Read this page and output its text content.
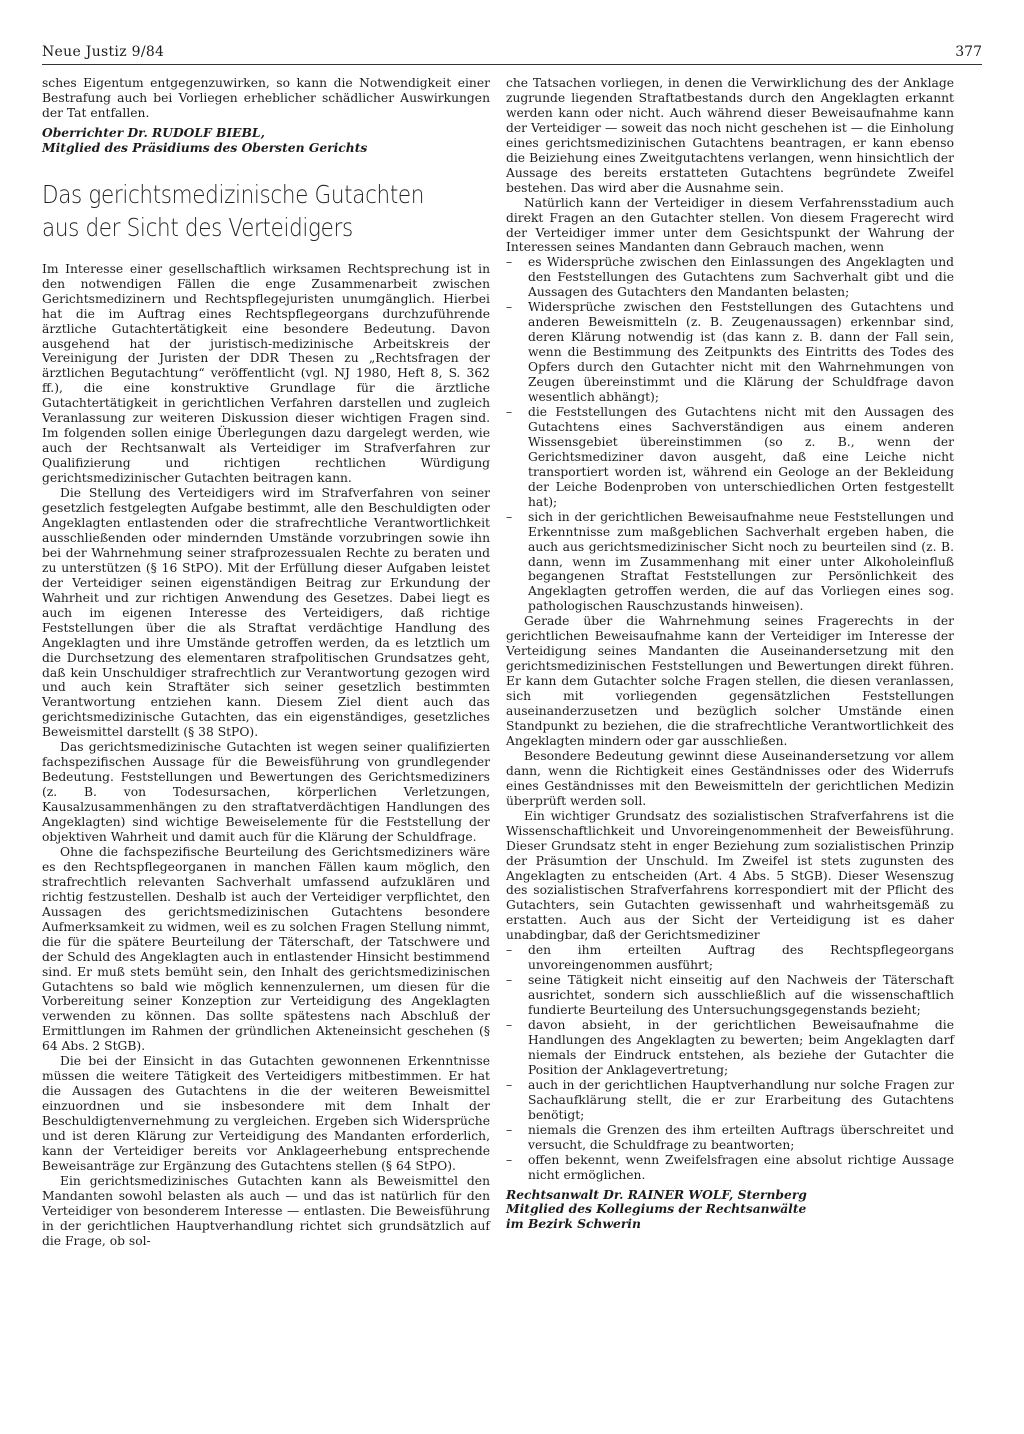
Neue Justiz 9/84	377

sches Eigentum entgegenzuwirken, so kann die Notwendigkeit einer Bestrafung auch bei Vorliegen erheblicher schädlicher Auswirkungen der Tat entfallen.

Oberrichter Dr. RUDOLF BIEBL,

Mitglied des Präsidiums des Obersten Gerichts

Das gerichtsmedizinische Gutachten
aus der Sicht des Verteidigers

Im Interesse einer gesellschaftlich wirksamen Rechtsprechung ist in den notwendigen Fällen die enge Zusammenarbeit zwischen Gerichtsmedizinern und Rechtspflegejuristen unumgänglich. Hierbei hat die im Auftrag eines Rechtspflegeorgans durchzuführende ärztliche Gutachtertätigkeit eine besondere Bedeutung. Davon ausgehend hat der juristisch-medizinische Arbeitskreis der Vereinigung der Juristen der DDR Thesen zu „Rechtsfragen der ärztlichen Begutachtung“ veröffentlicht (vgl. NJ 1980, Heft 8, S. 362 ff.), die eine konstruktive Grundlage für die ärztliche Gutachtertätigkeit in gerichtlichen Verfahren darstellen und zugleich Veranlassung zur weiteren Diskussion dieser wichtigen Fragen sind. Im folgenden sollen einige Überlegungen dazu dargelegt werden, wie auch der Rechtsanwalt als Verteidiger im Strafverfahren zur Qualifizierung und richtigen rechtlichen Würdigung gerichtsmedizinischer Gutachten beitragen kann.

Die Stellung des Verteidigers wird im Strafverfahren von seiner gesetzlich festgelegten Aufgabe bestimmt, alle den Beschuldigten oder Angeklagten entlastenden oder die strafrechtliche Verantwortlichkeit ausschließenden oder mindernden Umstände vorzubringen sowie ihn bei der Wahrnehmung seiner strafprozessualen Rechte zu beraten und zu unterstützen (§ 16 StPO). Mit der Erfüllung dieser Aufgaben leistet der Verteidiger seinen eigenständigen Beitrag zur Erkundung der Wahrheit und zur richtigen Anwendung des Gesetzes. Dabei liegt es auch im eigenen Interesse des Verteidigers, daß richtige Feststellungen über die als Straftat verdächtige Handlung des Angeklagten und ihre Umstände getroffen werden, da es letztlich um die Durchsetzung des elementaren strafpolitischen Grundsatzes geht, daß kein Unschuldiger strafrechtlich zur Verantwortung gezogen wird und auch kein Straftäter sich seiner gesetzlich bestimmten Verantwortung entziehen kann. Diesem Ziel dient auch das gerichtsmedizinische Gutachten, das ein eigenständiges, gesetzliches Beweismittel darstellt (§ 38 StPO).

Das gerichtsmedizinische Gutachten ist wegen seiner qualifizierten fachspezifischen Aussage für die Beweisführung von grundlegender Bedeutung. Feststellungen und Bewertungen des Gerichtsmediziners (z. B. von Todesursachen, körperlichen Verletzungen, Kausalzusammenhängen zu den straftatverdächtigen Handlungen des Angeklagten) sind wichtige Beweiselemente für die Feststellung der objektiven Wahrheit und damit auch für die Klärung der Schuldfrage.

Ohne die fachspezifische Beurteilung des Gerichtsmediziners wäre es den Rechtspflegeorganen in manchen Fällen kaum möglich, den strafrechtlich relevanten Sachverhalt umfassend aufzuklären und richtig festzustellen. Deshalb ist auch der Verteidiger verpflichtet, den Aussagen des gerichtsmedizinischen Gutachtens besondere Aufmerksamkeit zu widmen, weil es zu solchen Fragen Stellung nimmt, die für die spätere Beurteilung der Täterschaft, der Tatschwere und der Schuld des Angeklagten auch in entlastender Hinsicht bestimmend sind. Er muß stets bemüht sein, den Inhalt des gerichtsmedizinischen Gutachtens so bald wie möglich kennenzulernen, um diesen für die Vorbereitung seiner Konzeption zur Verteidigung des Angeklagten verwenden zu können. Das sollte spätestens nach Abschluß der Ermittlungen im Rahmen der gründlichen Akteneinsicht geschehen (§ 64 Abs. 2 StGB).

Die bei der Einsicht in das Gutachten gewonnenen Erkenntnisse müssen die weitere Tätigkeit des Verteidigers mitbestimmen. Er hat die Aussagen des Gutachtens in die der weiteren Beweismittel einzuordnen und sie insbesondere mit dem Inhalt der Beschuldigtenvernehmung zu vergleichen. Ergeben sich Widersprüche und ist deren Klärung zur Verteidigung des Mandanten erforderlich, kann der Verteidiger bereits vor Anklageerhebung entsprechende Beweisanträge zur Ergänzung des Gutachtens stellen (§ 64 StPO).

Ein gerichtsmedizinisches Gutachten kann als Beweismittel den Mandanten sowohl belasten als auch — und das ist natürlich für den Verteidiger von besonderem Interesse — entlasten. Die Beweisführung in der gerichtlichen Hauptverhandlung richtet sich grundsätzlich auf die Frage, ob sol-

che Tatsachen vorliegen, in denen die Verwirklichung des der Anklage zugrunde liegenden Straftatbestands durch den Angeklagten erkannt werden kann oder nicht. Auch während dieser Beweisaufnahme kann der Verteidiger — soweit das noch nicht geschehen ist — die Einholung eines gerichtsmedizinischen Gutachtens beantragen, er kann ebenso die Beiziehung eines Zweitgutachtens verlangen, wenn hinsichtlich der Aussage des bereits erstatteten Gutachtens begründete Zweifel bestehen. Das wird aber die Ausnahme sein.

Natürlich kann der Verteidiger in diesem Verfahrensstadium auch direkt Fragen an den Gutachter stellen. Von diesem Fragerecht wird der Verteidiger immer unter dem Gesichtspunkt der Wahrung der Interessen seines Mandanten dann Gebrauch machen, wenn

– es Widersprüche zwischen den Einlassungen des Angeklagten und den Feststellungen des Gutachtens zum Sachverhalt gibt und die Aussagen des Gutachters den Mandanten belasten;
– Widersprüche zwischen den Feststellungen des Gutachtens und anderen Beweismitteln (z. B. Zeugenaussagen) erkennbar sind, deren Klärung notwendig ist (das kann z. B. dann der Fall sein, wenn die Bestimmung des Zeitpunkts des Eintritts des Todes des Opfers durch den Gutachter nicht mit den Wahrnehmungen von Zeugen übereinstimmt und die Klärung der Schuldfrage davon wesentlich abhängt);
– die Feststellungen des Gutachtens nicht mit den Aussagen des Gutachtens eines Sachverständigen aus einem anderen Wissensgebiet übereinstimmen (so z. B., wenn der Gerichtsmediziner davon ausgeht, daß eine Leiche nicht transportiert worden ist, während ein Geologe an der Bekleidung der Leiche Bodenproben von unterschiedlichen Orten festgestellt hat);
– sich in der gerichtlichen Beweisaufnahme neue Feststellungen und Erkenntnisse zum maßgeblichen Sachverhalt ergeben haben, die auch aus gerichtsmedizinischer Sicht noch zu beurteilen sind (z. B. dann, wenn im Zusammenhang mit einer unter Alkoholeinfluß begangenen Straftat Feststellungen zur Persönlichkeit des Angeklagten getroffen werden, die auf das Vorliegen eines sog. pathologischen Rauschzustands hinweisen).

Gerade über die Wahrnehmung seines Fragerechts in der gerichtlichen Beweisaufnahme kann der Verteidiger im Interesse der Verteidigung seines Mandanten die Auseinandersetzung mit den gerichtsmedizinischen Feststellungen und Bewertungen direkt führen. Er kann dem Gutachter solche Fragen stellen, die diesen veranlassen, sich mit vorliegenden gegensätzlichen Feststellungen auseinanderzusetzen und bezüglich solcher Umstände einen Standpunkt zu beziehen, die die strafrechtliche Verantwortlichkeit des Angeklagten mindern oder gar ausschließen.

Besondere Bedeutung gewinnt diese Auseinandersetzung vor allem dann, wenn die Richtigkeit eines Geständnisses oder des Widerrufs eines Geständnisses mit den Beweismitteln der gerichtlichen Medizin überprüft werden soll.

Ein wichtiger Grundsatz des sozialistischen Strafverfahrens ist die Wissenschaftlichkeit und Unvoreingenommenheit der Beweisführung. Dieser Grundsatz steht in enger Beziehung zum sozialistischen Prinzip der Präsumtion der Unschuld. Im Zweifel ist stets zugunsten des Angeklagten zu entscheiden (Art. 4 Abs. 5 StGB). Dieser Wesenszug des sozialistischen Strafverfahrens korrespondiert mit der Pflicht des Gutachters, sein Gutachten gewissenhaft und wahrheitsgemäß zu erstatten. Auch aus der Sicht der Verteidigung ist es daher unabdingbar, daß der Gerichtsmediziner

– den ihm erteilten Auftrag des Rechtspflegeorgans unvoreingenommen ausführt;
– seine Tätigkeit nicht einseitig auf den Nachweis der Täterschaft ausrichtet, sondern sich ausschließlich auf die wissenschaftlich fundierte Beurteilung des Untersuchungsgegenstands bezieht;
– davon absieht, in der gerichtlichen Beweisaufnahme die Handlungen des Angeklagten zu bewerten; beim Angeklagten darf niemals der Eindruck entstehen, als beziehe der Gutachter die Position der Anklagevertretung;
– auch in der gerichtlichen Hauptverhandlung nur solche Fragen zur Sachaufklärung stellt, die er zur Erarbeitung des Gutachtens benötigt;
– niemals die Grenzen des ihm erteilten Auftrags überschreitet und versucht, die Schuldfrage zu beantworten;
– offen bekennt, wenn Zweifelsfragen eine absolut richtige Aussage nicht ermöglichen.

Rechtsanwalt Dr. RAINER WOLF, Sternberg

Mitglied des Kollegiums der Rechtsanwälte

im Bezirk Schwerin
